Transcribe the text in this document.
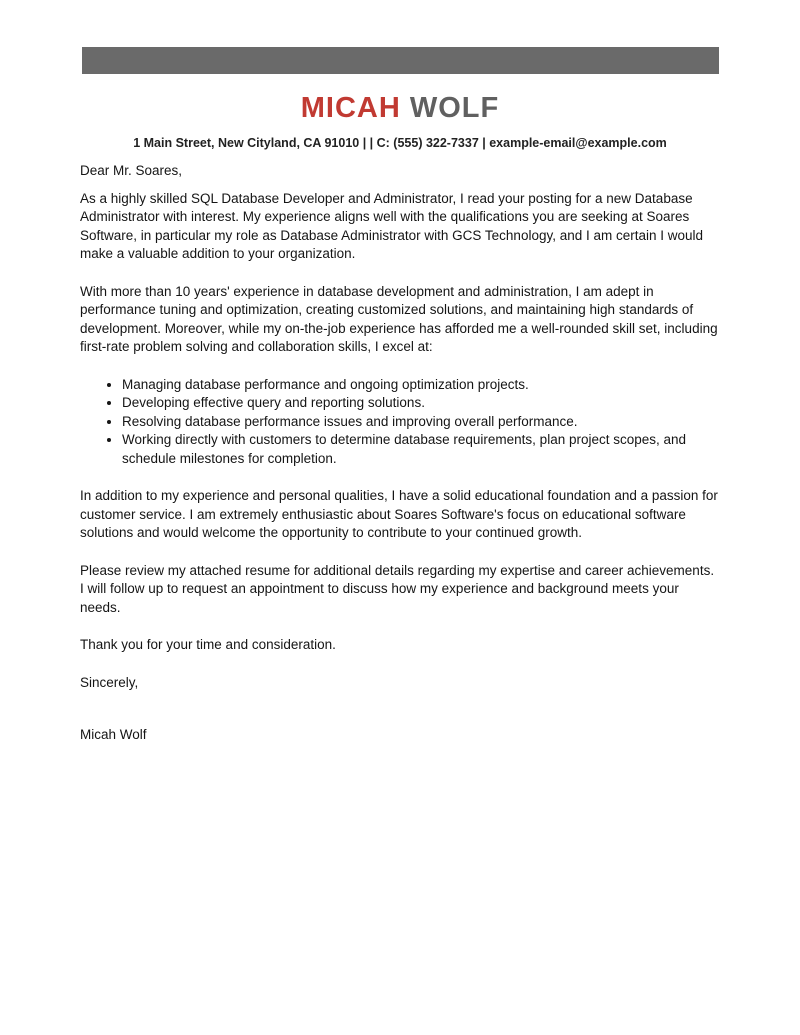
MICAH WOLF

1 Main Street, New Cityland, CA 91010 | | C: (555) 322-7337 | example-email@example.com

Dear Mr. Soares,

As a highly skilled SQL Database Developer and Administrator, I read your posting for a new Database Administrator with interest. My experience aligns well with the qualifications you are seeking at Soares Software, in particular my role as Database Administrator with GCS Technology, and I am certain I would make a valuable addition to your organization.

With more than 10 years' experience in database development and administration, I am adept in performance tuning and optimization, creating customized solutions, and maintaining high standards of development. Moreover, while my on-the-job experience has afforded me a well-rounded skill set, including first-rate problem solving and collaboration skills, I excel at:

• Managing database performance and ongoing optimization projects.
• Developing effective query and reporting solutions.
• Resolving database performance issues and improving overall performance.
• Working directly with customers to determine database requirements, plan project scopes, and schedule milestones for completion.

In addition to my experience and personal qualities, I have a solid educational foundation and a passion for customer service. I am extremely enthusiastic about Soares Software's focus on educational software solutions and would welcome the opportunity to contribute to your continued growth.

Please review my attached resume for additional details regarding my expertise and career achievements. I will follow up to request an appointment to discuss how my experience and background meets your needs.

Thank you for your time and consideration.

Sincerely,

Micah Wolf
